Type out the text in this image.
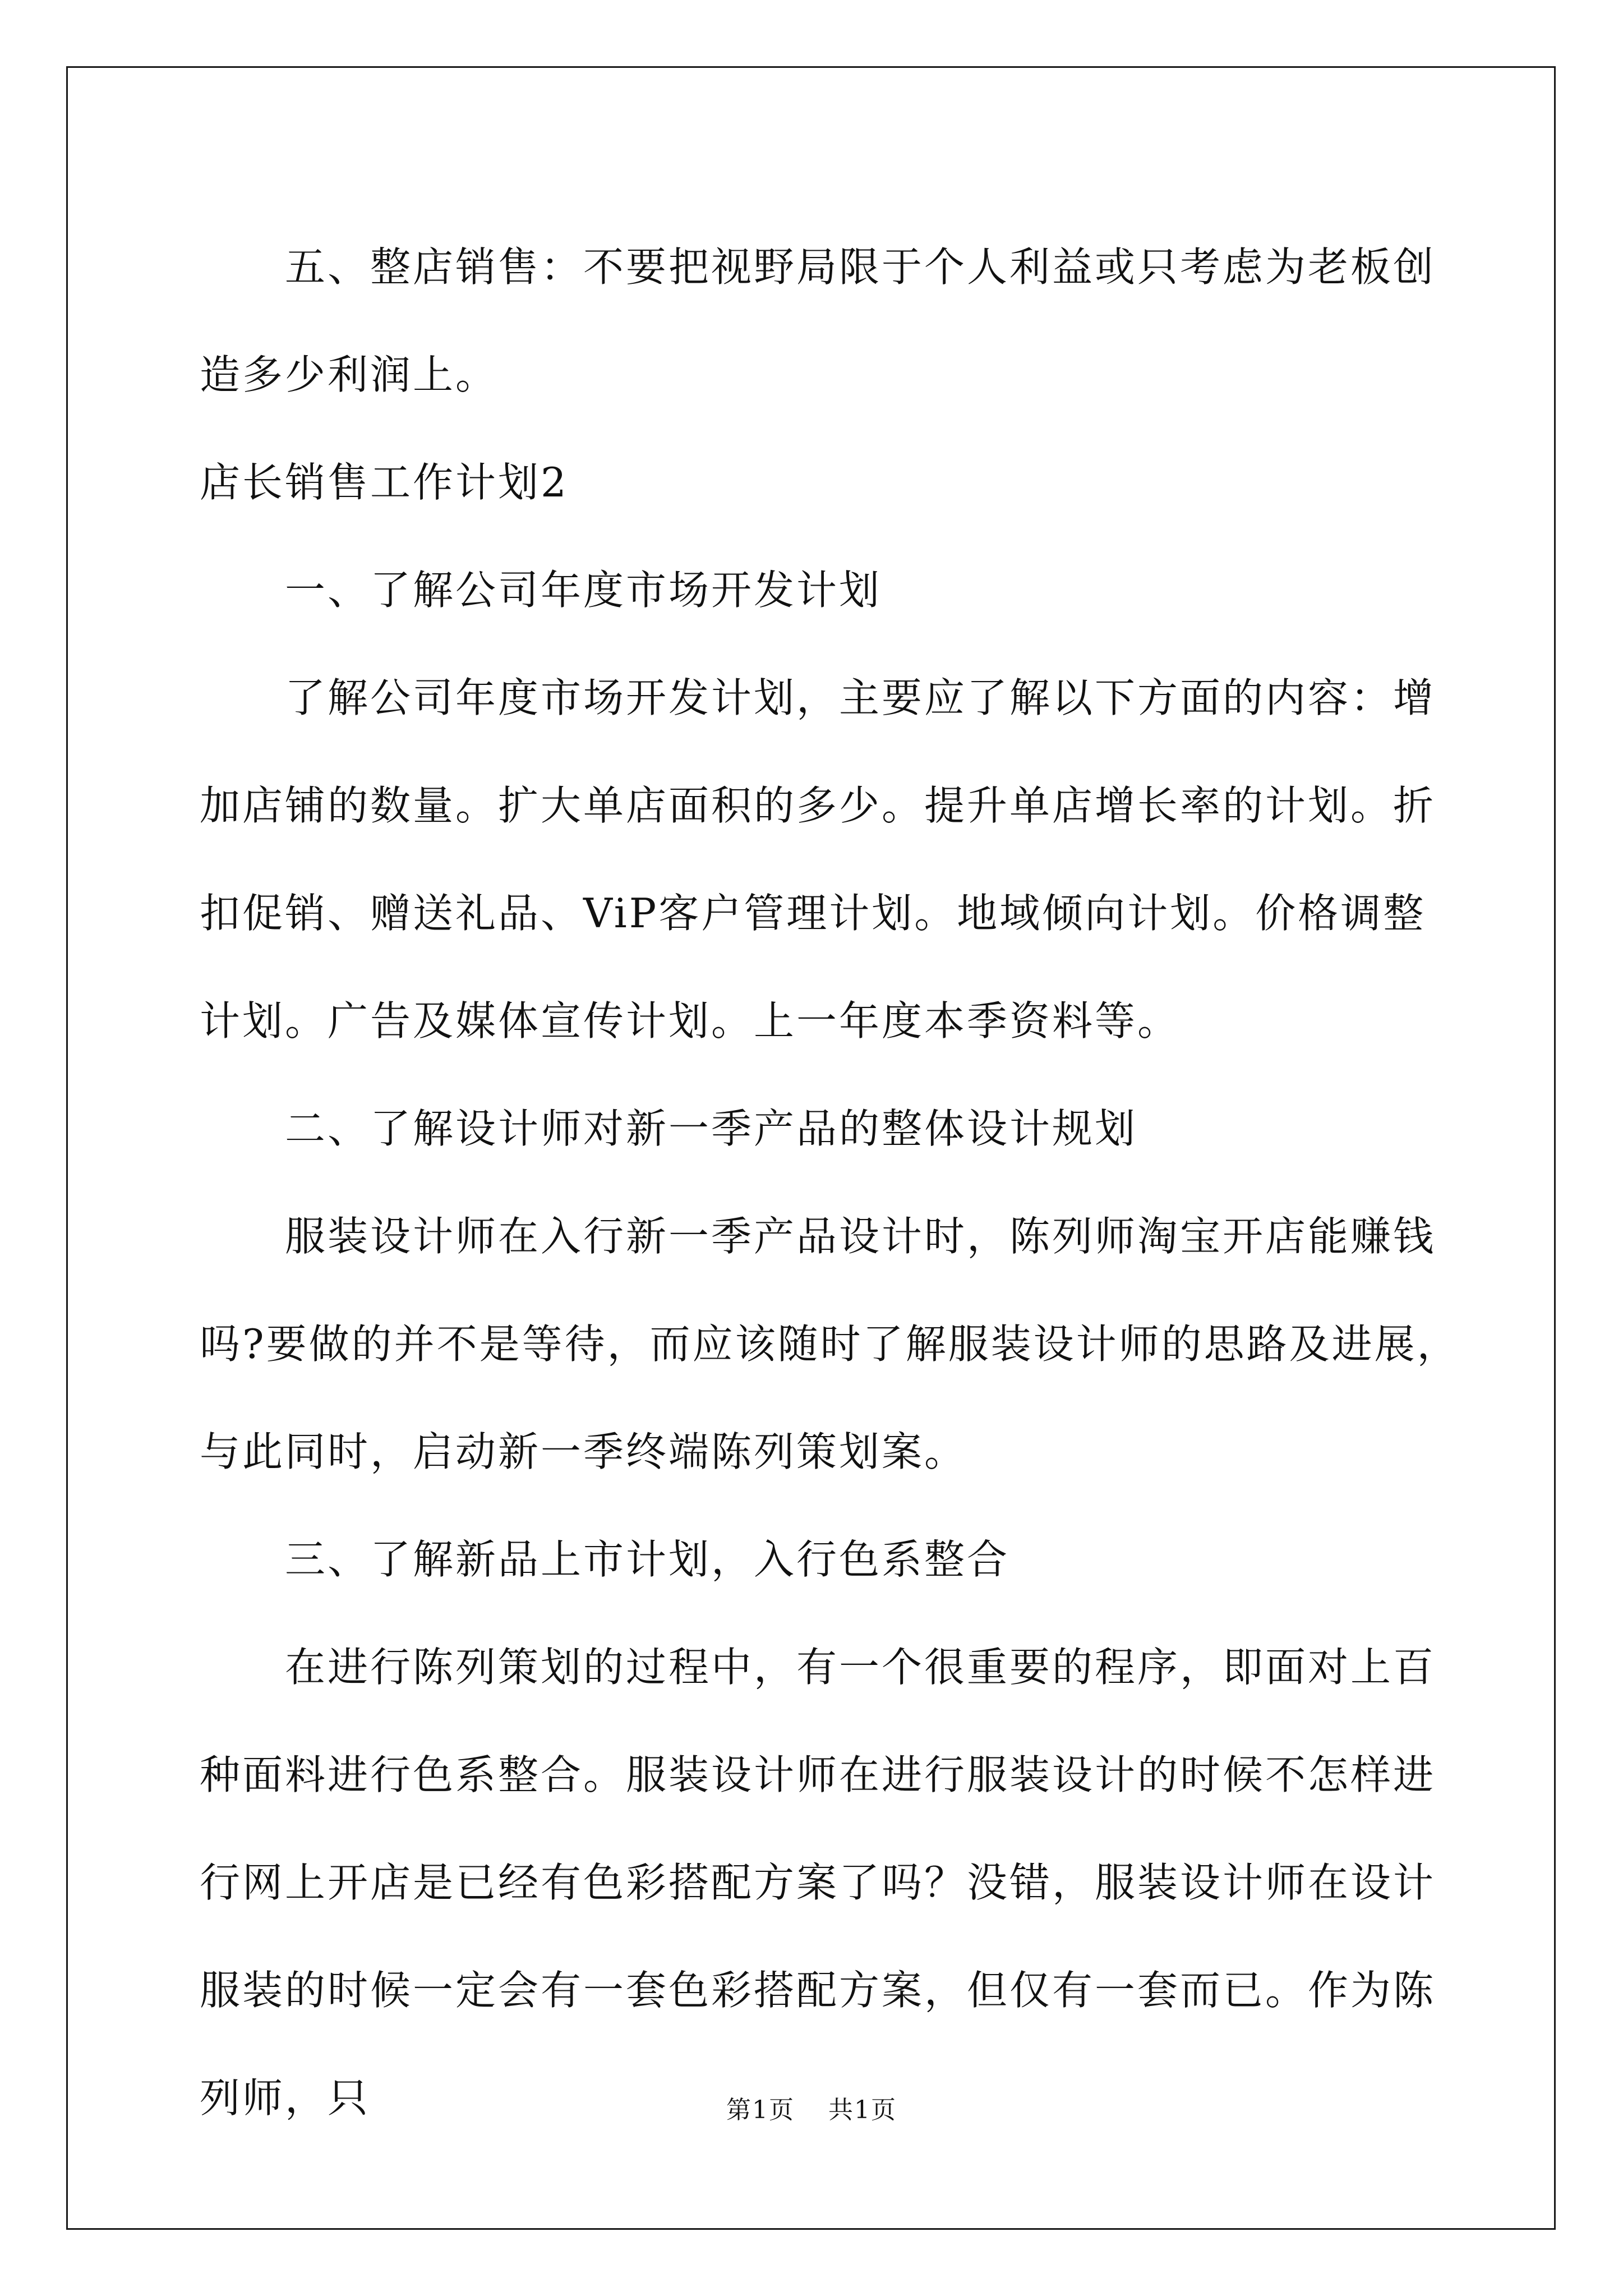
五、整店销售：不要把视野局限于个人利益或只考虑为老板创造多少利润上。

店长销售工作计划2

一、了解公司年度市场开发计划

了解公司年度市场开发计划，主要应了解以下方面的内容：增加店铺的数量。扩大单店面积的多少。提升单店增长率的计划。折扣促销、赠送礼品、ViP客户管理计划。地域倾向计划。价格调整计划。广告及媒体宣传计划。上一年度本季资料等。

二、了解设计师对新一季产品的整体设计规划

服装设计师在入行新一季产品设计时，陈列师淘宝开店能赚钱吗?要做的并不是等待，而应该随时了解服装设计师的思路及进展，与此同时，启动新一季终端陈列策划案。

三、了解新品上市计划，入行色系整合

在进行陈列策划的过程中，有一个很重要的程序，即面对上百种面料进行色系整合。服装设计师在进行服装设计的时候不怎样进行网上开店是已经有色彩搭配方案了吗？没错，服装设计师在设计服装的时候一定会有一套色彩搭配方案，但仅有一套而已。作为陈列师，只	第1页 共1页
